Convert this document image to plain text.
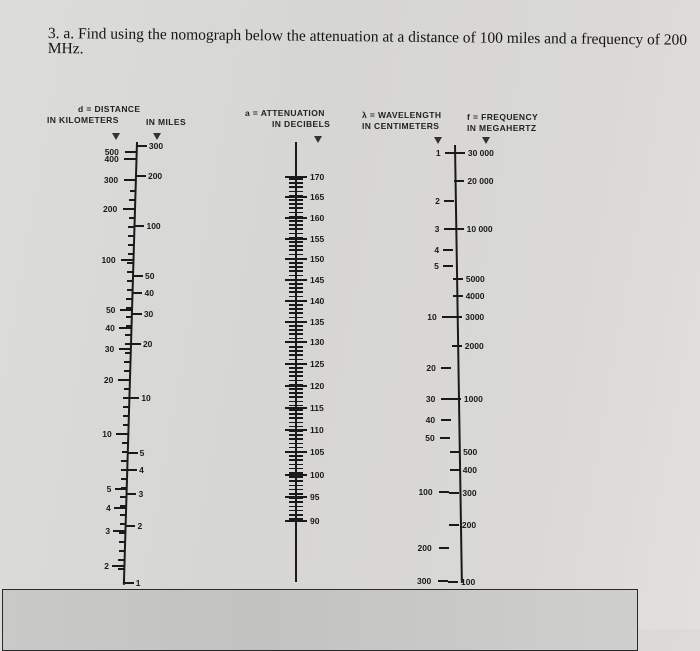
3. a. Find using the nomograph below the attenuation at a distance of 100 miles and a frequency of 200 MHz.
d = DISTANCE
IN KILOMETERS	IN MILES
a = ATTENUATION
IN DECIBELS
λ = WAVELENGTH
IN CENTIMETERS
f = FREQUENCY
IN MEGAHERTZ
500
400
300
200
100
50
40
30
20
10
5
4
3
2
300
200
100
50
40
30
20
10
5
4
3
2
1
170
165
160
155
150
145
140
135
130
125
120
115
110
105
100
95
90
1
2
3
4
5
10
20
30
40
50
100
200
300
30 000
20 000
10 000
5000
4000
3000
2000
1000
500
400
300
200
100
